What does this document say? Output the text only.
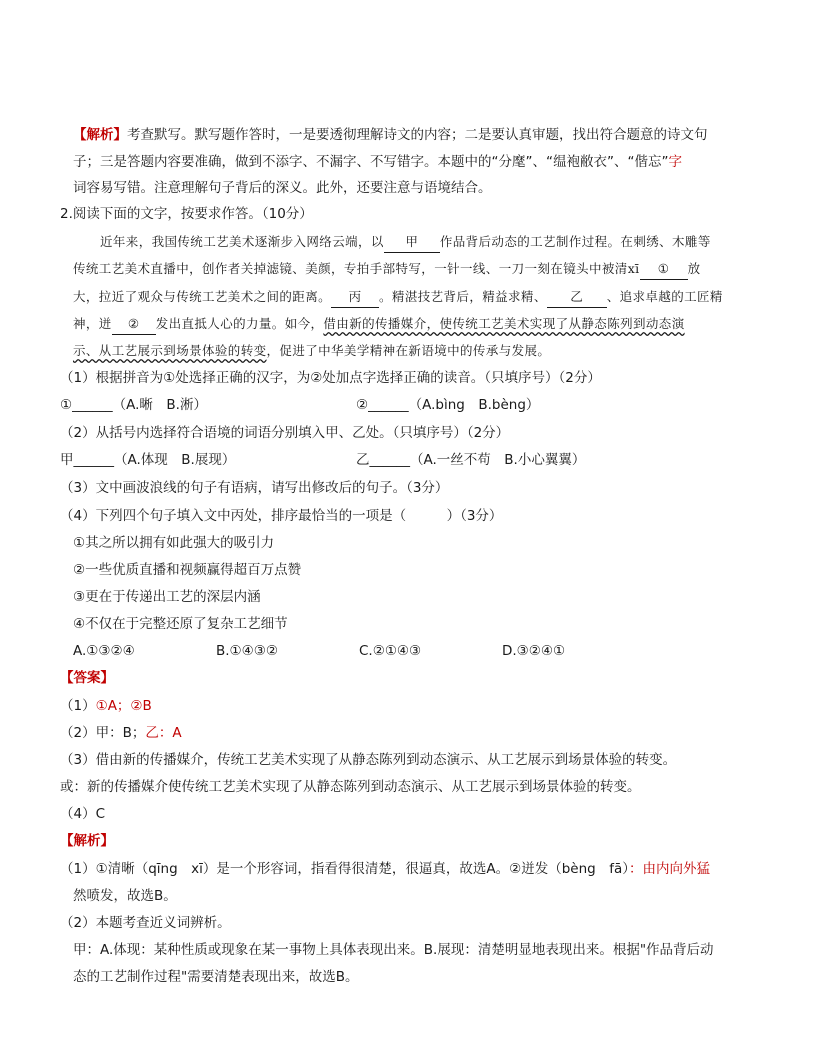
【解析】考查默写。默写题作答时，一是要透彻理解诗文的内容；二是要认真审题，找出符合题意的诗文句
子；三是答题内容要准确，做到不添字、不漏字、不写错字。本题中的“分麾”、“缊袍敝衣”、“偕忘”字
词容易写错。注意理解句子背后的深义。此外，还要注意与语境结合。
2.阅读下面的文字，按要求作答。（10分）
近年来，我国传统工艺美术逐渐步入网络云端，以 甲 作品背后动态的工艺制作过程。在刺绣、木雕等
传统工艺美术直播中，创作者关掉滤镜、美颜，专拍手部特写，一针一线、一刀一刻在镜头中被清xī ① 放
大，拉近了观众与传统工艺美术之间的距离。 丙 。精湛技艺背后，精益求精、 乙 、追求卓越的工匠精
神，迸 ② 发出直抵人心的力量。如今，借由新的传播媒介，使传统工艺美术实现了从静态陈列到动态演
示、从工艺展示到场景体验的转变，促进了中华美学精神在新语境中的传承与发展。
（1）根据拼音为①处选择正确的汉字，为②处加点字选择正确的读音。（只填序号）（2分）
①______（A.晰　B.淅）	②______（A.bìng　B.bèng）
（2）从括号内选择符合语境的词语分别填入甲、乙处。（只填序号）（2分）
甲______（A.体现　B.展现）	乙______（A.一丝不苟　B.小心翼翼）
（3）文中画波浪线的句子有语病，请写出修改后的句子。（3分）
（4）下列四个句子填入文中丙处，排序最恰当的一项是（　　　）（3分）
①其之所以拥有如此强大的吸引力
②一些优质直播和视频赢得超百万点赞
③更在于传递出工艺的深层内涵
④不仅在于完整还原了复杂工艺细节
A.①③②④	B.①④③②	C.②①④③	D.③②④①
【答案】
（1）①A；②B
（2）甲：B；乙：A
（3）借由新的传播媒介，传统工艺美术实现了从静态陈列到动态演示、从工艺展示到场景体验的转变。
或：新的传播媒介使传统工艺美术实现了从静态陈列到动态演示、从工艺展示到场景体验的转变。
（4）C
【解析】
（1）①清晰（qīng　xī）是一个形容词，指看得很清楚，很逼真，故选A。②迸发（bèng　fā）：由内向外猛
然喷发，故选B。
（2）本题考查近义词辨析。
甲：A.体现：某种性质或现象在某一事物上具体表现出来。B.展现：清楚明显地表现出来。根据"作品背后动
态的工艺制作过程"需要清楚表现出来，故选B。
